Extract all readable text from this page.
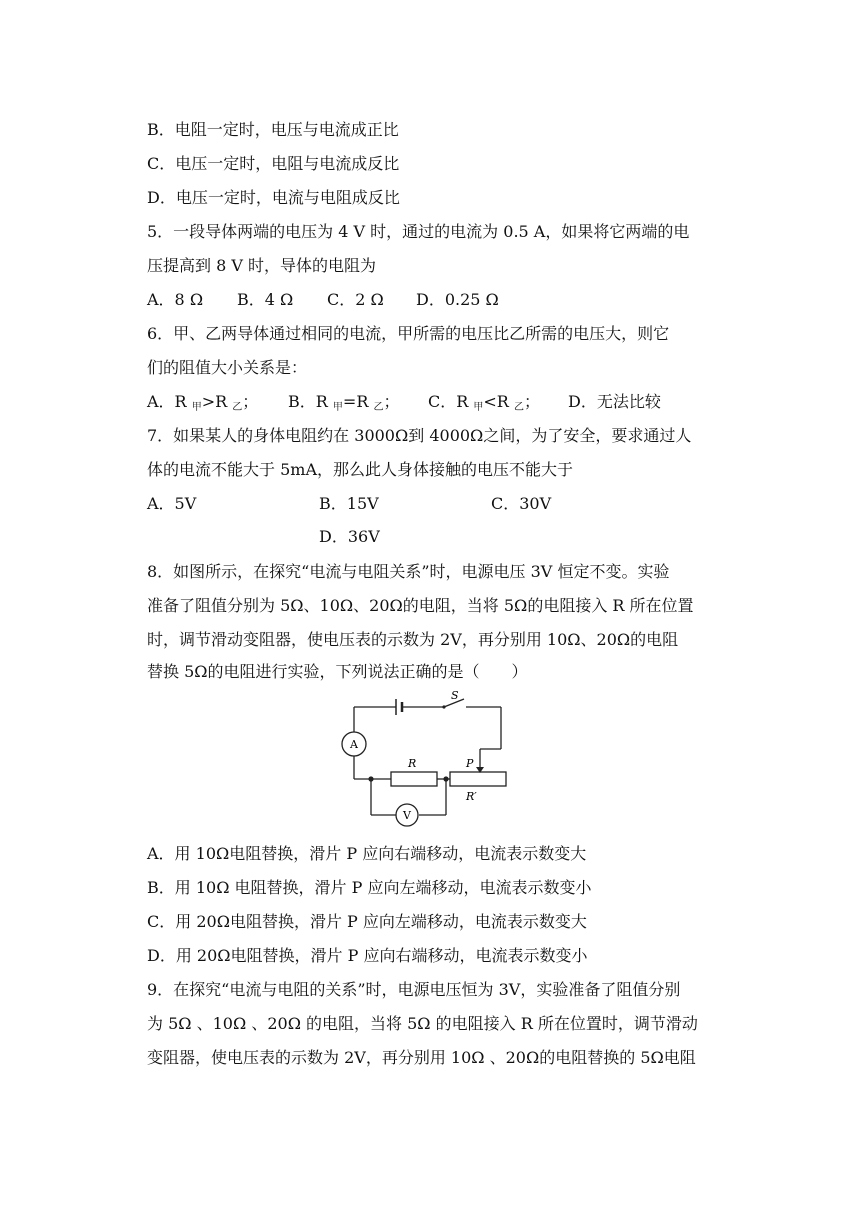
B．电阻一定时，电压与电流成正比
C．电压一定时，电阻与电流成反比
D．电压一定时，电流与电阻成反比
5．一段导体两端的电压为 4 V 时，通过的电流为 0.5 A，如果将它两端的电
压提高到 8 V 时，导体的电阻为
A．8 Ω B．4 Ω C．2 Ω D．0.25 Ω
6．甲、乙两导体通过相同的电流，甲所需的电压比乙所需的电压大，则它
们的阻值大小关系是：
A．R $_甲$>R $_乙$； B．R $_甲$=R $_乙$； C．R $_甲$<R $_乙$； D．无法比较
7．如果某人的身体电阻约在 3000Ω到 4000Ω之间，为了安全，要求通过人
体的电流不能大于 5mA，那么此人身体接触的电压不能大于
A．5V	B．15V	C．30V
D．36V
8．如图所示，在探究“电流与电阻关系”时，电源电压 3V 恒定不变。实验
准备了阻值分别为 5Ω、10Ω、20Ω的电阻，当将 5Ω的电阻接入 R 所在位置
时，调节滑动变阻器，使电压表的示数为 2V，再分别用 10Ω、20Ω的电阻
替换 5Ω的电阻进行实验，下列说法正确的是（　　）
A
V
S
R	P
R′
A．用 10Ω电阻替换，滑片 P 应向右端移动，电流表示数变大
B．用 10Ω 电阻替换，滑片 P 应向左端移动，电流表示数变小
C．用 20Ω电阻替换，滑片 P 应向左端移动，电流表示数变大
D．用 20Ω电阻替换，滑片 P 应向右端移动，电流表示数变小
9．在探究“电流与电阻的关系”时，电源电压恒为 3V，实验准备了阻值分别
为 5Ω 、10Ω 、20Ω 的电阻，当将 5Ω 的电阻接入 R 所在位置时，调节滑动
变阻器，使电压表的示数为 2V，再分别用 10Ω 、20Ω的电阻替换的 5Ω电阻
